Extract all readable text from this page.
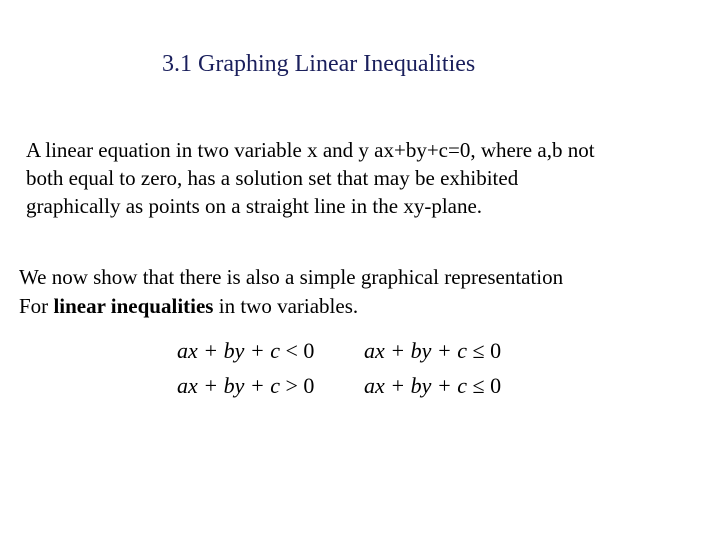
3.1 Graphing Linear Inequalities
A linear equation in two variable x and y ax+by+c=0, where a,b not
both equal to zero, has a solution set that may be exhibited
graphically as points on a straight line in the xy-plane.
We now show that there is also a simple graphical representation
For linear inequalities in two variables.
ax + by + c < 0 ax + by + c ≤ 0
ax + by + c > 0 ax + by + c ≤ 0
